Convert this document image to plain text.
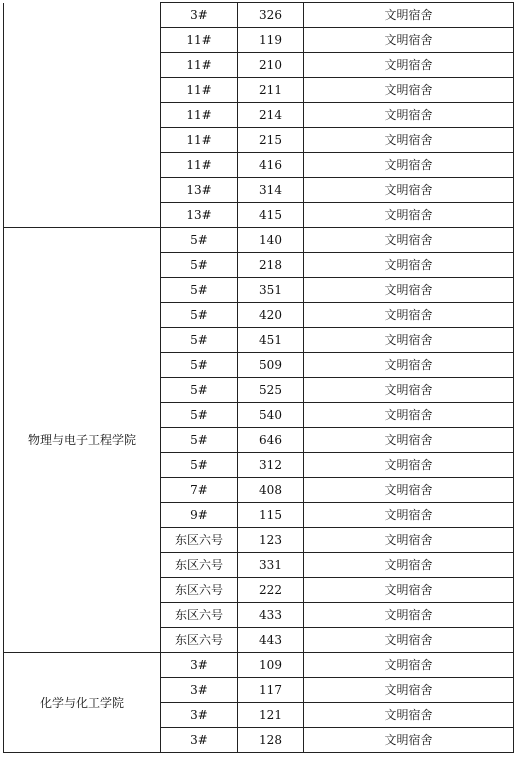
	3#	326	文明宿舍
	11#	119	文明宿舍
	11#	210	文明宿舍
	11#	211	文明宿舍
	11#	214	文明宿舍
	11#	215	文明宿舍
	11#	416	文明宿舍
	13#	314	文明宿舍
	13#	415	文明宿舍
物理与电子工程学院	5#	140	文明宿舍
	5#	218	文明宿舍
	5#	351	文明宿舍
	5#	420	文明宿舍
	5#	451	文明宿舍
	5#	509	文明宿舍
	5#	525	文明宿舍
	5#	540	文明宿舍
	5#	646	文明宿舍
	5#	312	文明宿舍
	7#	408	文明宿舍
	9#	115	文明宿舍
	东区六号	123	文明宿舍
	东区六号	331	文明宿舍
	东区六号	222	文明宿舍
	东区六号	433	文明宿舍
	东区六号	443	文明宿舍
化学与化工学院	3#	109	文明宿舍
	3#	117	文明宿舍
	3#	121	文明宿舍
	3#	128	文明宿舍
